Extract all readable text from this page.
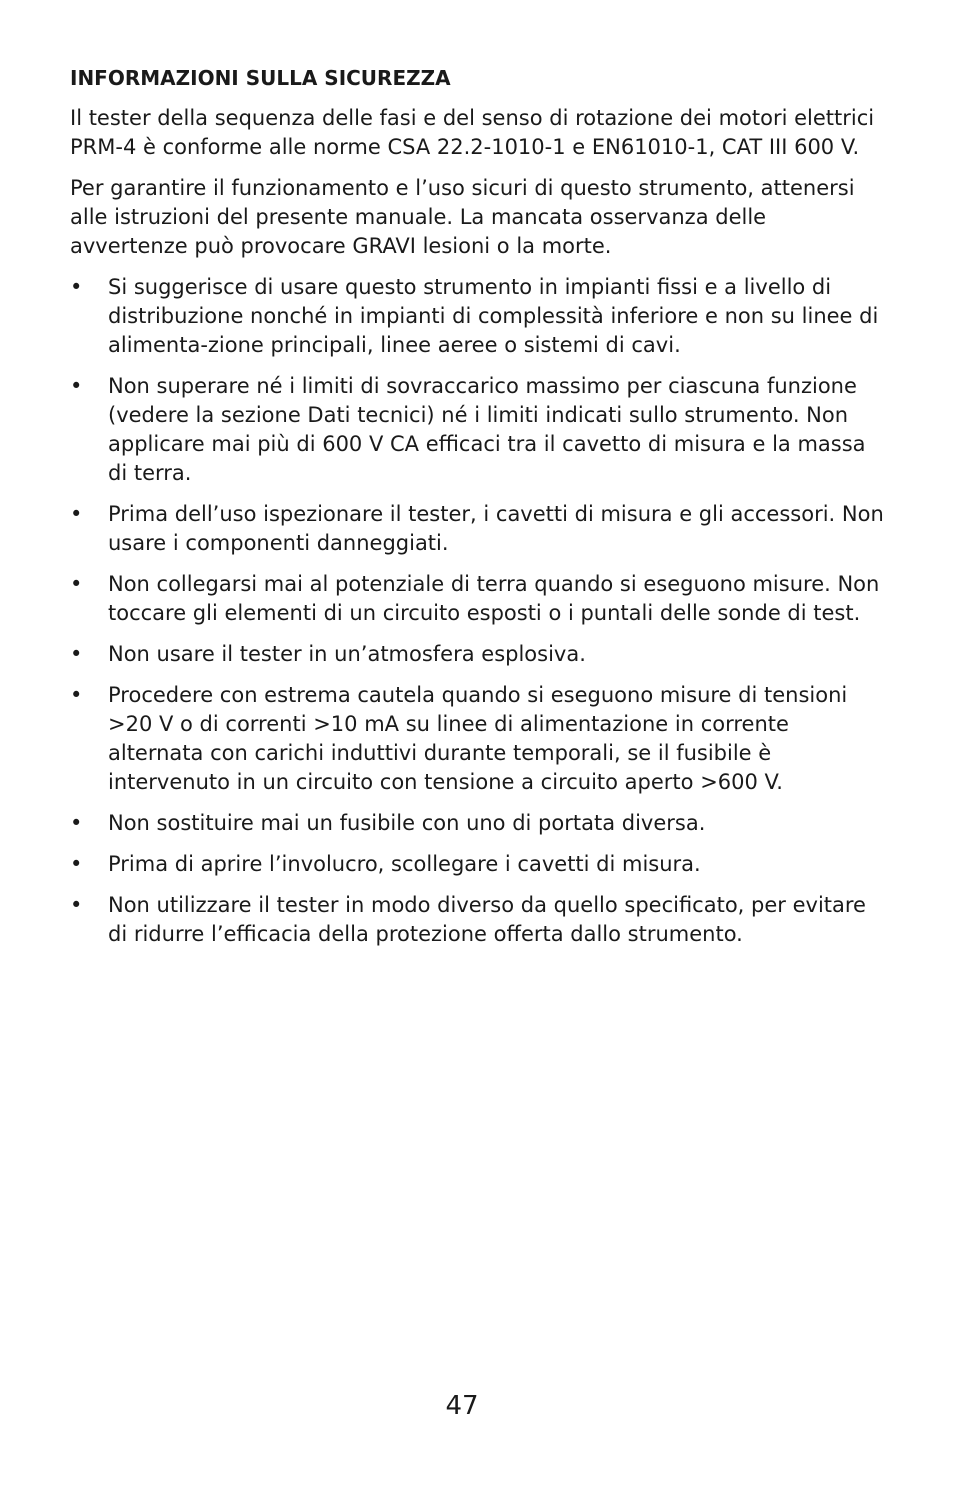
INFORMAZIONI SULLA SICUREZZA

Il tester della sequenza delle fasi e del senso di rotazione dei motori elettrici PRM-4 è conforme alle norme CSA 22.2-1010-1 e EN61010-1, CAT III 600 V.

Per garantire il funzionamento e l’uso sicuri di questo strumento, attenersi alle istruzioni del presente manuale. La mancata osservanza delle avvertenze può provocare GRAVI lesioni o la morte.

• Si suggerisce di usare questo strumento in impianti fissi e a livello di distribuzione nonché in impianti di complessità inferiore e non su linee di alimenta-zione principali, linee aeree o sistemi di cavi.
• Non superare né i limiti di sovraccarico massimo per ciascuna funzione (vedere la sezione Dati tecnici) né i limiti indicati sullo strumento. Non applicare mai più di 600 V CA efficaci tra il cavetto di misura e la massa di terra.
• Prima dell’uso ispezionare il tester, i cavetti di misura e gli accessori. Non usare i componenti danneggiati.
• Non collegarsi mai al potenziale di terra quando si eseguono misure. Non toccare gli elementi di un circuito esposti o i puntali delle sonde di test.
• Non usare il tester in un’atmosfera esplosiva.
• Procedere con estrema cautela quando si eseguono misure di tensioni >20 V o di correnti >10 mA su linee di alimentazione in corrente alternata con carichi induttivi durante temporali, se il fusibile è intervenuto in un circuito con tensione a circuito aperto >600 V.
• Non sostituire mai un fusibile con uno di portata diversa.
• Prima di aprire l’involucro, scollegare i cavetti di misura.
• Non utilizzare il tester in modo diverso da quello specificato, per evitare di ridurre l’efficacia della protezione offerta dallo strumento.
47
